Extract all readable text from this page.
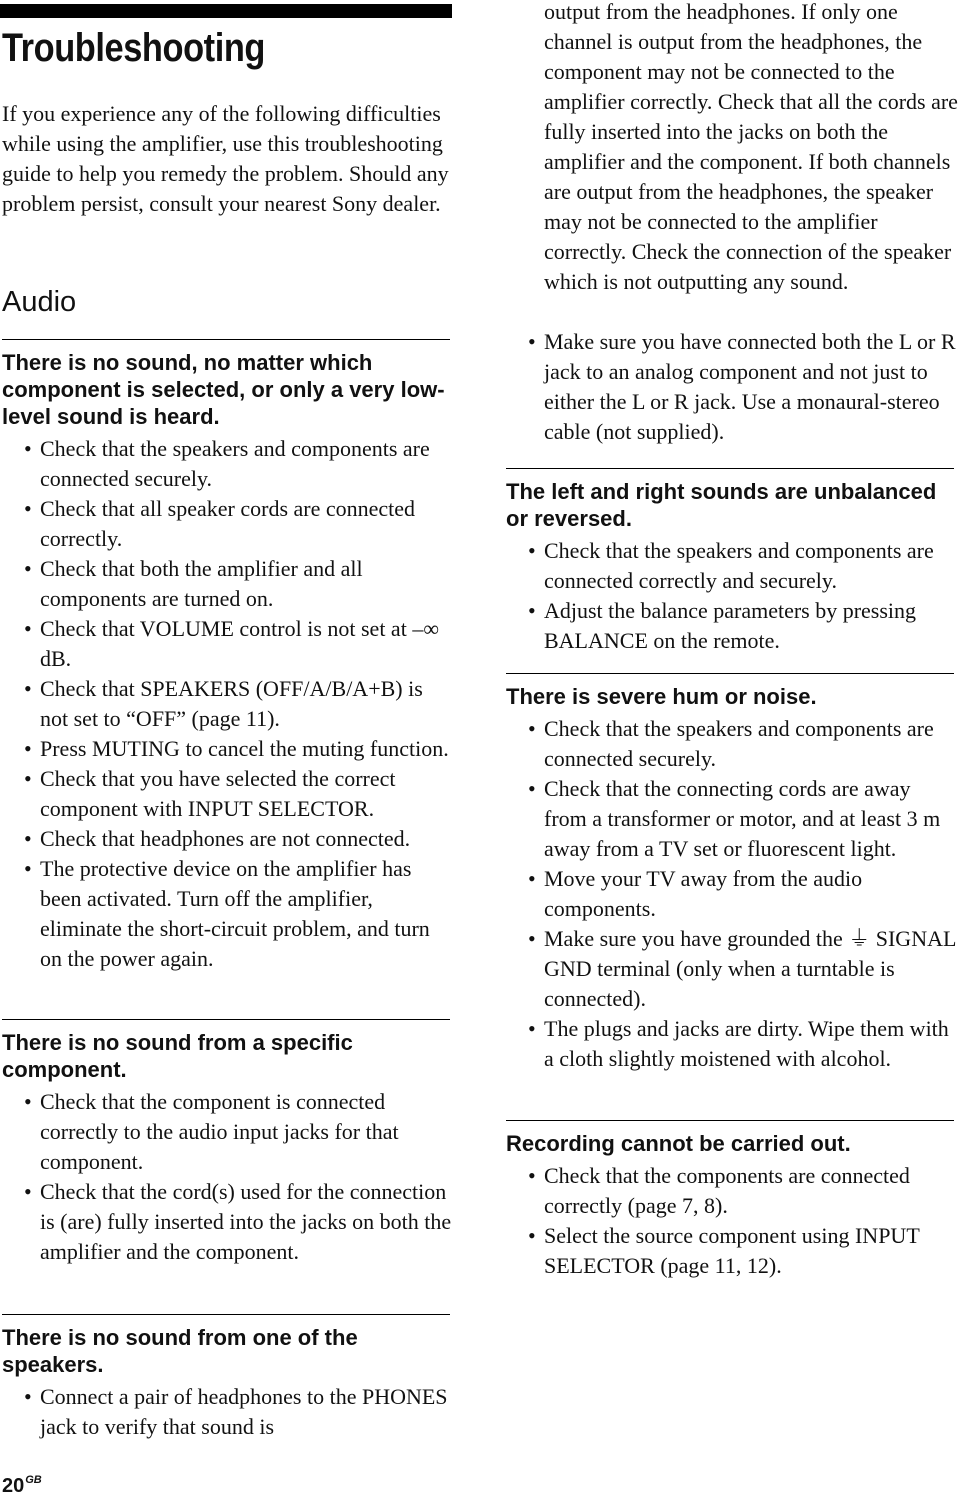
Troubleshooting

If you experience any of the following difficulties while using the amplifier, use this troubleshooting guide to help you remedy the problem. Should any problem persist, consult your nearest Sony dealer.

Audio
There is no sound, no matter which component is selected, or only a very low-level sound is heard.
• Check that the speakers and components are connected securely.
• Check that all speaker cords are connected correctly.
• Check that both the amplifier and all components are turned on.
• Check that VOLUME control is not set at –∞ dB.
• Check that SPEAKERS (OFF/A/B/A+B) is not set to “OFF” (page 11).
• Press MUTING to cancel the muting function.
• Check that you have selected the correct component with INPUT SELECTOR.
• Check that headphones are not connected.
• The protective device on the amplifier has been activated. Turn off the amplifier, eliminate the short-circuit problem, and turn on the power again.
There is no sound from a specific component.
• Check that the component is connected correctly to the audio input jacks for that component.
• Check that the cord(s) used for the connection is (are) fully inserted into the jacks on both the amplifier and the component.
There is no sound from one of the speakers.
• Connect a pair of headphones to the PHONES jack to verify that sound is

output from the headphones. If only one channel is output from the headphones, the component may not be connected to the amplifier correctly. Check that all the cords are fully inserted into the jacks on both the amplifier and the component. If both channels are output from the headphones, the speaker may not be connected to the amplifier correctly. Check the connection of the speaker which is not outputting any sound.

• Make sure you have connected both the L or R jack to an analog component and not just to either the L or R jack. Use a monaural-stereo cable (not supplied).
The left and right sounds are unbalanced or reversed.
• Check that the speakers and components are connected correctly and securely.
• Adjust the balance parameters by pressing BALANCE on the remote.
There is severe hum or noise.
• Check that the speakers and components are connected securely.
• Check that the connecting cords are away from a transformer or motor, and at least 3 m away from a TV set or fluorescent light.
• Move your TV away from the audio components.
• Make sure you have grounded the ⏚ SIGNAL GND terminal (only when a turntable is connected).
• The plugs and jacks are dirty. Wipe them with a cloth slightly moistened with alcohol.
Recording cannot be carried out.
• Check that the components are connected correctly (page 7, 8).
• Select the source component using INPUT SELECTOR (page 11, 12).
$20^{GB}$
